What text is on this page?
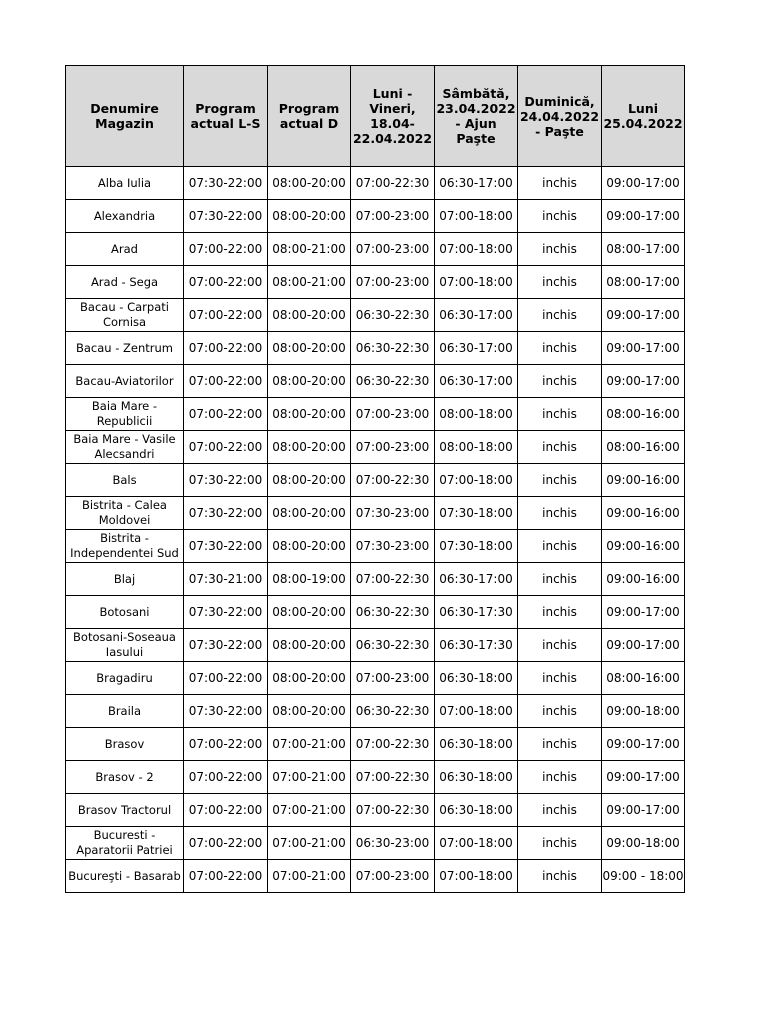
Denumire Magazin	Program actual L-S	Program actual D	Luni - Vineri, 18.04-22.04.2022	Sâmbătă, 23.04.2022 - Ajun Paşte	Duminică, 24.04.2022 - Paşte	Luni 25.04.2022
Alba Iulia	07:30-22:00	08:00-20:00	07:00-22:30	06:30-17:00	inchis	09:00-17:00
Alexandria	07:30-22:00	08:00-20:00	07:00-23:00	07:00-18:00	inchis	09:00-17:00
Arad	07:00-22:00	08:00-21:00	07:00-23:00	07:00-18:00	inchis	08:00-17:00
Arad - Sega	07:00-22:00	08:00-21:00	07:00-23:00	07:00-18:00	inchis	08:00-17:00
Bacau - Carpati Cornisa	07:00-22:00	08:00-20:00	06:30-22:30	06:30-17:00	inchis	09:00-17:00
Bacau - Zentrum	07:00-22:00	08:00-20:00	06:30-22:30	06:30-17:00	inchis	09:00-17:00
Bacau-Aviatorilor	07:00-22:00	08:00-20:00	06:30-22:30	06:30-17:00	inchis	09:00-17:00
Baia Mare - Republicii	07:00-22:00	08:00-20:00	07:00-23:00	08:00-18:00	inchis	08:00-16:00
Baia Mare - Vasile Alecsandri	07:00-22:00	08:00-20:00	07:00-23:00	08:00-18:00	inchis	08:00-16:00
Bals	07:30-22:00	08:00-20:00	07:00-22:30	07:00-18:00	inchis	09:00-16:00
Bistrita - Calea Moldovei	07:30-22:00	08:00-20:00	07:30-23:00	07:30-18:00	inchis	09:00-16:00
Bistrita - Independentei Sud	07:30-22:00	08:00-20:00	07:30-23:00	07:30-18:00	inchis	09:00-16:00
Blaj	07:30-21:00	08:00-19:00	07:00-22:30	06:30-17:00	inchis	09:00-16:00
Botosani	07:30-22:00	08:00-20:00	06:30-22:30	06:30-17:30	inchis	09:00-17:00
Botosani-Soseaua Iasului	07:30-22:00	08:00-20:00	06:30-22:30	06:30-17:30	inchis	09:00-17:00
Bragadiru	07:00-22:00	08:00-20:00	07:00-23:00	06:30-18:00	inchis	08:00-16:00
Braila	07:30-22:00	08:00-20:00	06:30-22:30	07:00-18:00	inchis	09:00-18:00
Brasov	07:00-22:00	07:00-21:00	07:00-22:30	06:30-18:00	inchis	09:00-17:00
Brasov - 2	07:00-22:00	07:00-21:00	07:00-22:30	06:30-18:00	inchis	09:00-17:00
Brasov Tractorul	07:00-22:00	07:00-21:00	07:00-22:30	06:30-18:00	inchis	09:00-17:00
Bucuresti - Aparatorii Patriei	07:00-22:00	07:00-21:00	06:30-23:00	07:00-18:00	inchis	09:00-18:00
Bucureşti - Basarab	07:00-22:00	07:00-21:00	07:00-23:00	07:00-18:00	inchis	09:00 - 18:00
